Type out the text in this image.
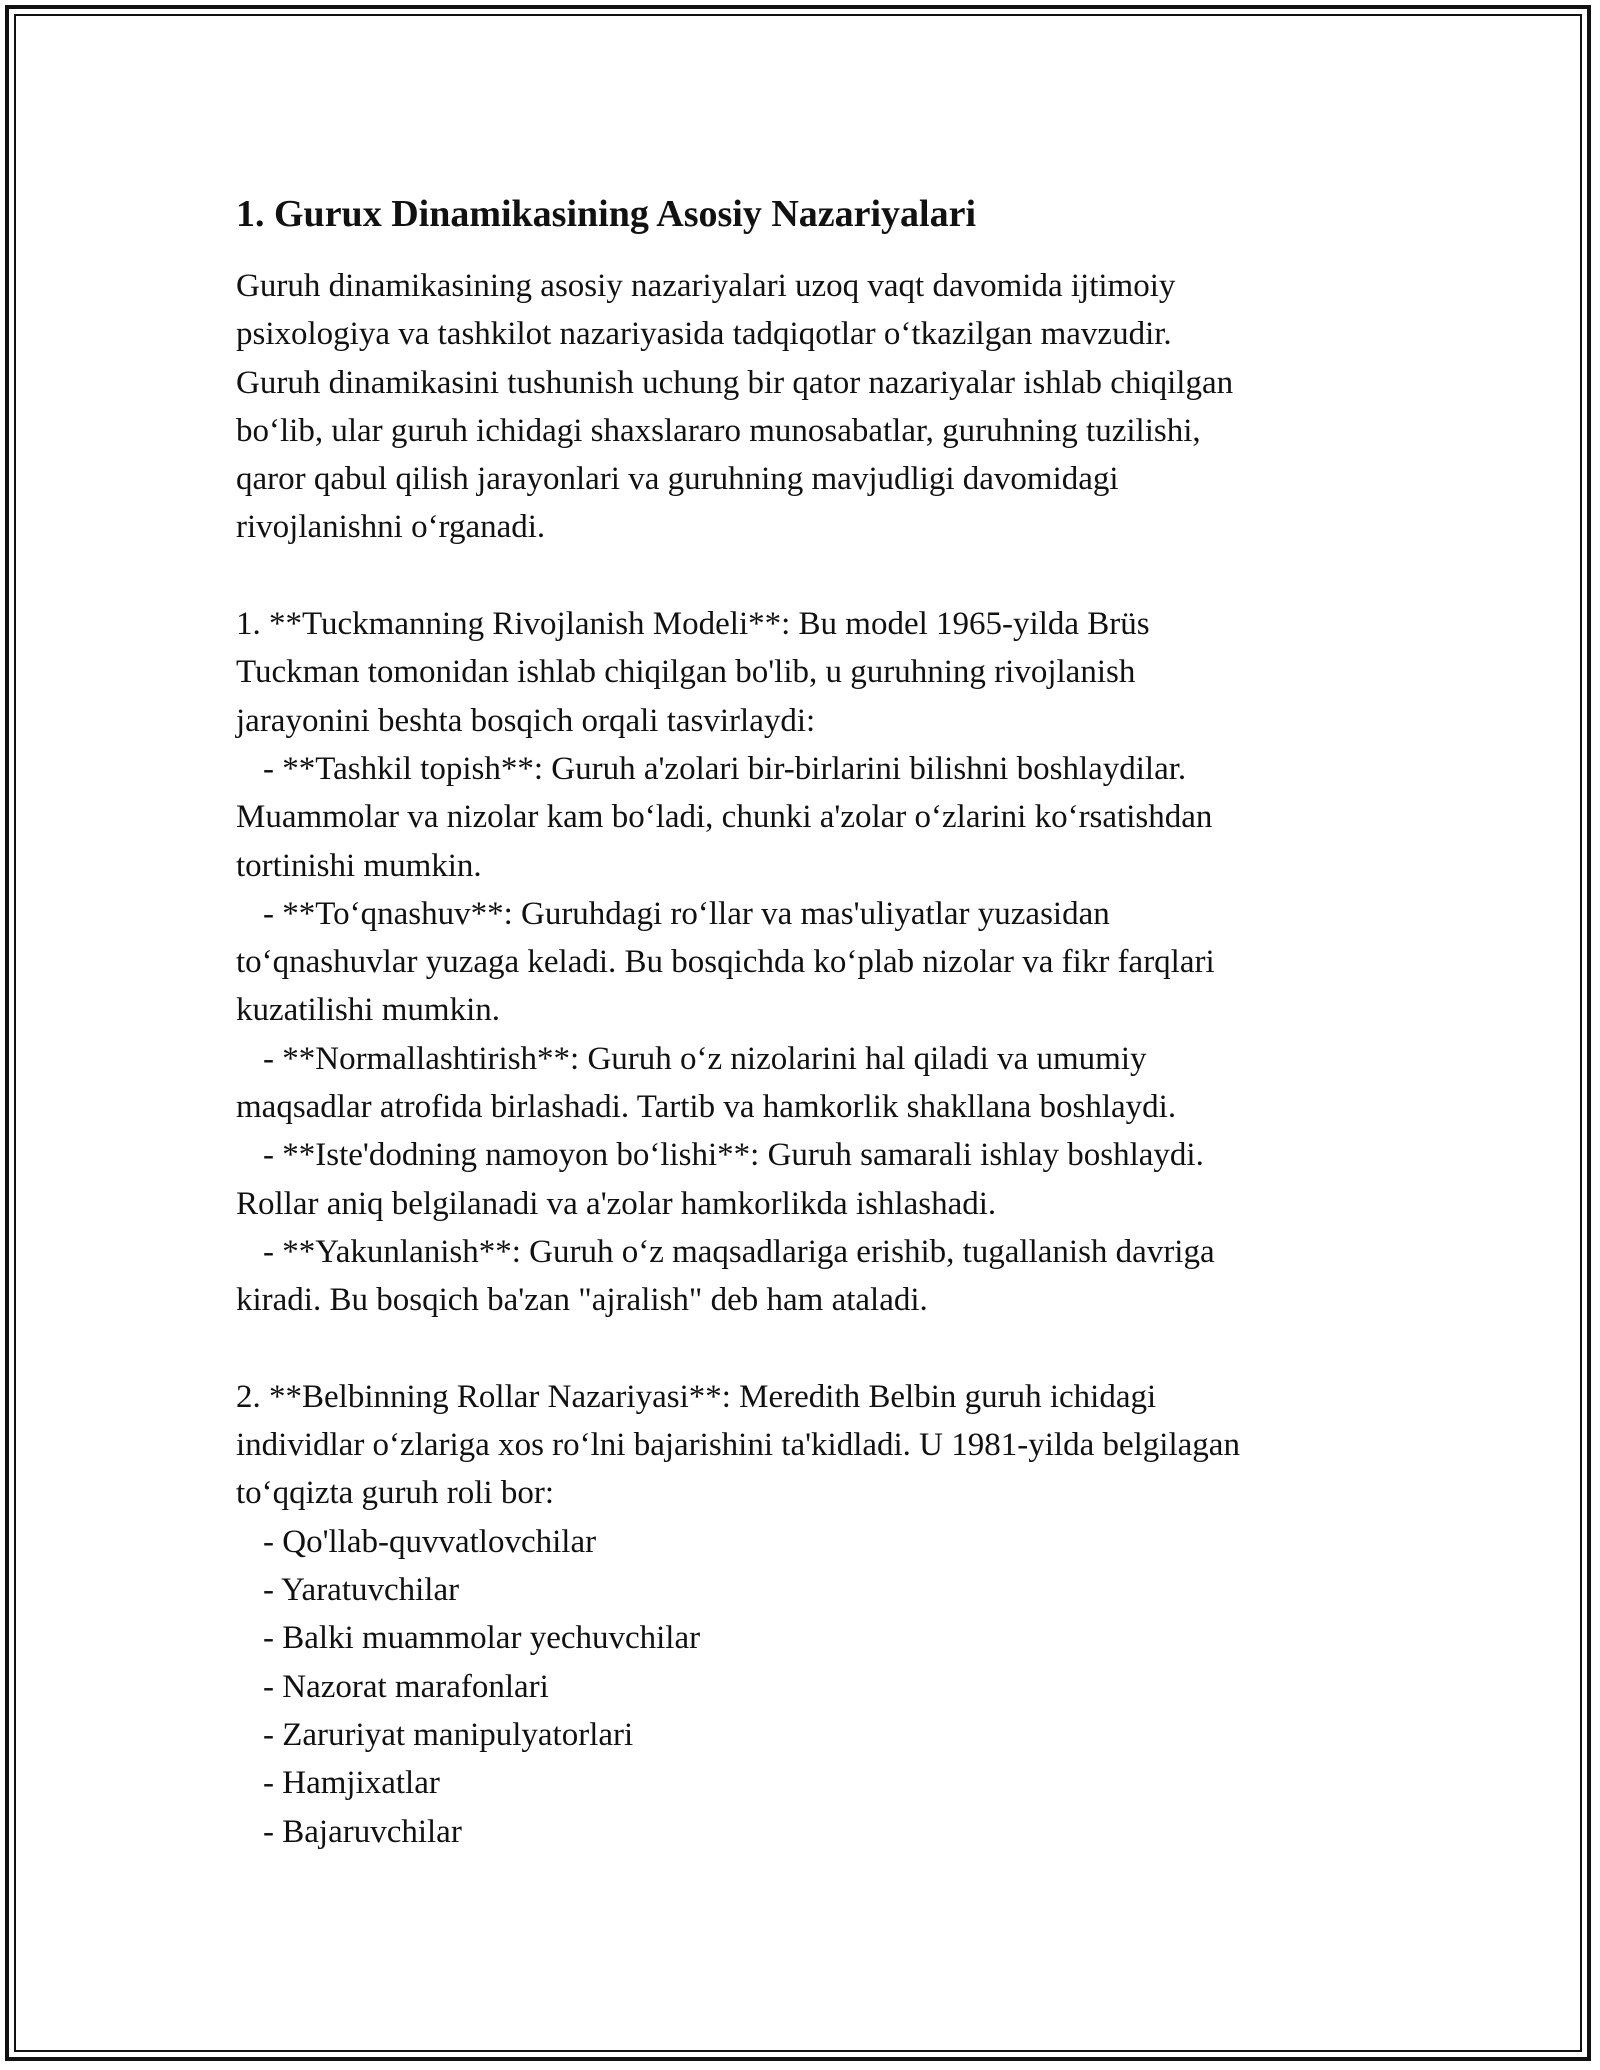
1. Gurux Dinamikasining Asosiy Nazariyalari
Guruh dinamikasining asosiy nazariyalari uzoq vaqt davomida ijtimoiy
psixologiya va tashkilot nazariyasida tadqiqotlar o‘tkazilgan mavzudir.
Guruh dinamikasini tushunish uchung bir qator nazariyalar ishlab chiqilgan
bo‘lib, ular guruh ichidagi shaxslararo munosabatlar, guruhning tuzilishi,
qaror qabul qilish jarayonlari va guruhning mavjudligi davomidagi
rivojlanishni o‘rganadi.
1. **Tuckmanning Rivojlanish Modeli**: Bu model 1965-yilda Brüs
Tuckman tomonidan ishlab chiqilgan bo'lib, u guruhning rivojlanish
jarayonini beshta bosqich orqali tasvirlaydi:
- **Tashkil topish**: Guruh a'zolari bir-birlarini bilishni boshlaydilar.
Muammolar va nizolar kam bo‘ladi, chunki a'zolar o‘zlarini ko‘rsatishdan
tortinishi mumkin.
- **To‘qnashuv**: Guruhdagi ro‘llar va mas'uliyatlar yuzasidan
to‘qnashuvlar yuzaga keladi. Bu bosqichda ko‘plab nizolar va fikr farqlari
kuzatilishi mumkin.
- **Normallashtirish**: Guruh o‘z nizolarini hal qiladi va umumiy
maqsadlar atrofida birlashadi. Tartib va hamkorlik shakllana boshlaydi.
- **Iste'dodning namoyon bo‘lishi**: Guruh samarali ishlay boshlaydi.
Rollar aniq belgilanadi va a'zolar hamkorlikda ishlashadi.
- **Yakunlanish**: Guruh o‘z maqsadlariga erishib, tugallanish davriga
kiradi. Bu bosqich ba'zan "ajralish" deb ham ataladi.
2. **Belbinning Rollar Nazariyasi**: Meredith Belbin guruh ichidagi
individlar o‘zlariga xos ro‘lni bajarishini ta'kidladi. U 1981-yilda belgilagan
to‘qqizta guruh roli bor:
- Qo'llab-quvvatlovchilar
- Yaratuvchilar
- Balki muammolar yechuvchilar
- Nazorat marafonlari
- Zaruriyat manipulyatorlari
- Hamjixatlar
- Bajaruvchilar
